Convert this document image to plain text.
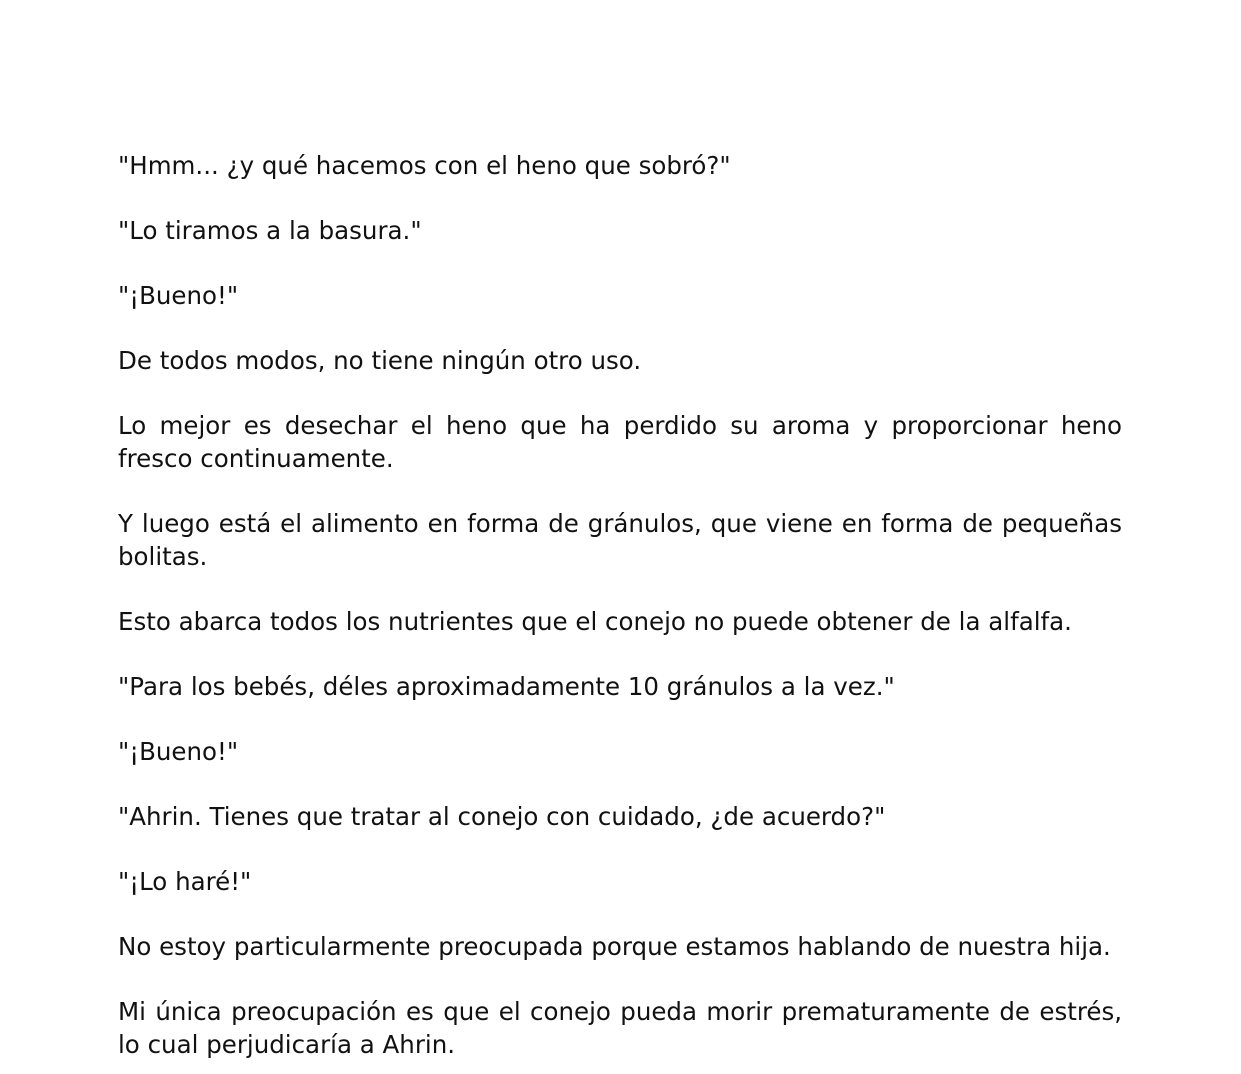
"Hmm... ¿y qué hacemos con el heno que sobró?"

"Lo tiramos a la basura."

"¡Bueno!"

De todos modos, no tiene ningún otro uso.

Lo mejor es desechar el heno que ha perdido su aroma y proporcionar heno fresco continuamente.

Y luego está el alimento en forma de gránulos, que viene en forma de pequeñas bolitas.

Esto abarca todos los nutrientes que el conejo no puede obtener de la alfalfa.

"Para los bebés, déles aproximadamente 10 gránulos a la vez."

"¡Bueno!"

"Ahrin. Tienes que tratar al conejo con cuidado, ¿de acuerdo?"

"¡Lo haré!"

No estoy particularmente preocupada porque estamos hablando de nuestra hija.

Mi única preocupación es que el conejo pueda morir prematuramente de estrés, lo cual perjudicaría a Ahrin.
